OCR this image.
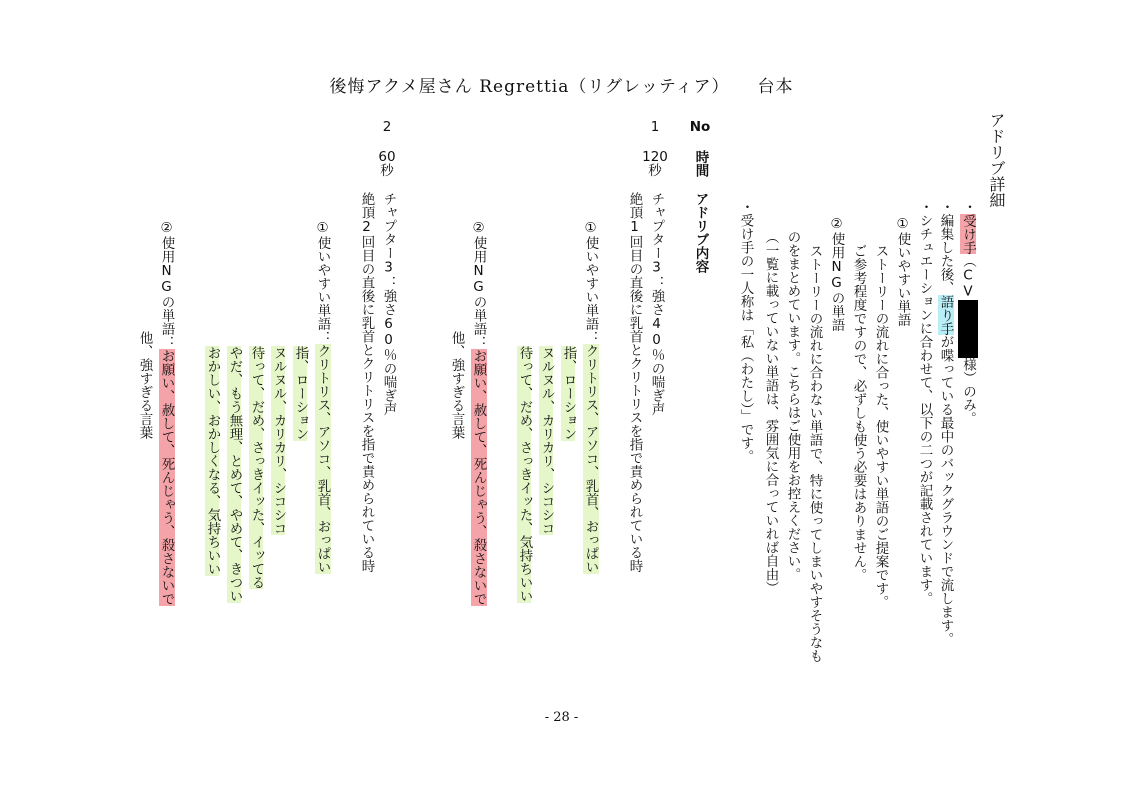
後悔アクメ屋さん Regrettia（リグレッティア） 台本
アドリブ詳細
・受け手（CV様）のみ。
・編集した後、語り手が喋っている最中のバックグラウンドで流します。
・シチュエーションに合わせて、以下の二つが記載されています。
①使いやすい単語
ストーリーの流れに合った、使いやすい単語のご提案です。
ご参考程度ですので、必ずしも使う必要はありません。
②使用NGの単語
ストーリーの流れに合わない単語で、特に使ってしまいやすそうなも
のをまとめています。こちらはご使用をお控えください。
（一覧に載っていない単語は、雰囲気に合っていれば自由）
・受け手の一人称は「私（わたし）」です。
No
時間
アドリブ内容
1
120
秒
チャプター3：強さ40％の喘ぎ声
絶頂1回目の直後に乳首とクリトリスを指で責められている時
①使いやすい単語：クリトリス、アソコ、乳首、おっぱい
指、ローション
ヌルヌル、カリカリ、シコシコ
待って、だめ、さっきイッた、気持ちいい
②使用NGの単語：お願い、赦して、死んじゃう、殺さないで
他、強すぎる言葉
2
60
秒
チャプター3：強さ60％の喘ぎ声
絶頂2回目の直後に乳首とクリトリスを指で責められている時
①使いやすい単語：クリトリス、アソコ、乳首、おっぱい
指、ローション
ヌルヌル、カリカリ、シコシコ
待って、だめ、さっきイッた、イッてる
やだ、もう無理、とめて、やめて、きつい
おかしい、おかしくなる、気持ちいい
②使用NGの単語：お願い、赦して、死んじゃう、殺さないで
他、強すぎる言葉
- 28 -
